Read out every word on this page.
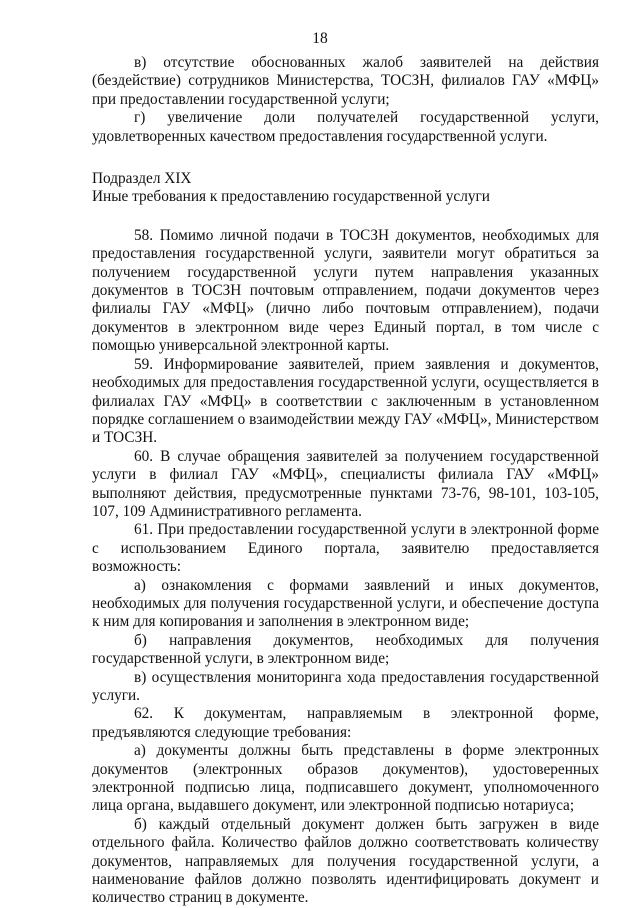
18

в) отсутствие обоснованных жалоб заявителей на действия (бездействие) сотрудников Министерства, ТОСЗН, филиалов ГАУ «МФЦ» при предоставлении государственной услуги;

г) увеличение доли получателей государственной услуги, удовлетворенных качеством предоставления государственной услуги.

Подраздел XIX

Иные требования к предоставлению государственной услуги

58. Помимо личной подачи в ТОСЗН документов, необходимых для предоставления государственной услуги, заявители могут обратиться за получением государственной услуги путем направления указанных документов в ТОСЗН почтовым отправлением, подачи документов через филиалы ГАУ «МФЦ» (лично либо почтовым отправлением), подачи документов в электронном виде через Единый портал, в том числе с помощью универсальной электронной карты.

59. Информирование заявителей, прием заявления и документов, необходимых для предоставления государственной услуги, осуществляется в филиалах ГАУ «МФЦ» в соответствии с заключенным в установленном порядке соглашением о взаимодействии между ГАУ «МФЦ», Министерством и ТОСЗН.

60. В случае обращения заявителей за получением государственной услуги в филиал ГАУ «МФЦ», специалисты филиала ГАУ «МФЦ» выполняют действия, предусмотренные пунктами 73-76, 98-101, 103-105, 107, 109 Административного регламента.

61. При предоставлении государственной услуги в электронной форме с использованием Единого портала, заявителю предоставляется возможность:

а) ознакомления с формами заявлений и иных документов, необходимых для получения государственной услуги, и обеспечение доступа к ним для копирования и заполнения в электронном виде;

б) направления документов, необходимых для получения государственной услуги, в электронном виде;

в) осуществления мониторинга хода предоставления государственной услуги.

62. К документам, направляемым в электронной форме, предъявляются следующие требования:

а) документы должны быть представлены в форме электронных документов (электронных образов документов), удостоверенных электронной подписью лица, подписавшего документ, уполномоченного лица органа, выдавшего документ, или электронной подписью нотариуса;

б) каждый отдельный документ должен быть загружен в виде отдельного файла. Количество файлов должно соответствовать количеству документов, направляемых для получения государственной услуги, а наименование файлов должно позволять идентифицировать документ и количество страниц в документе.
